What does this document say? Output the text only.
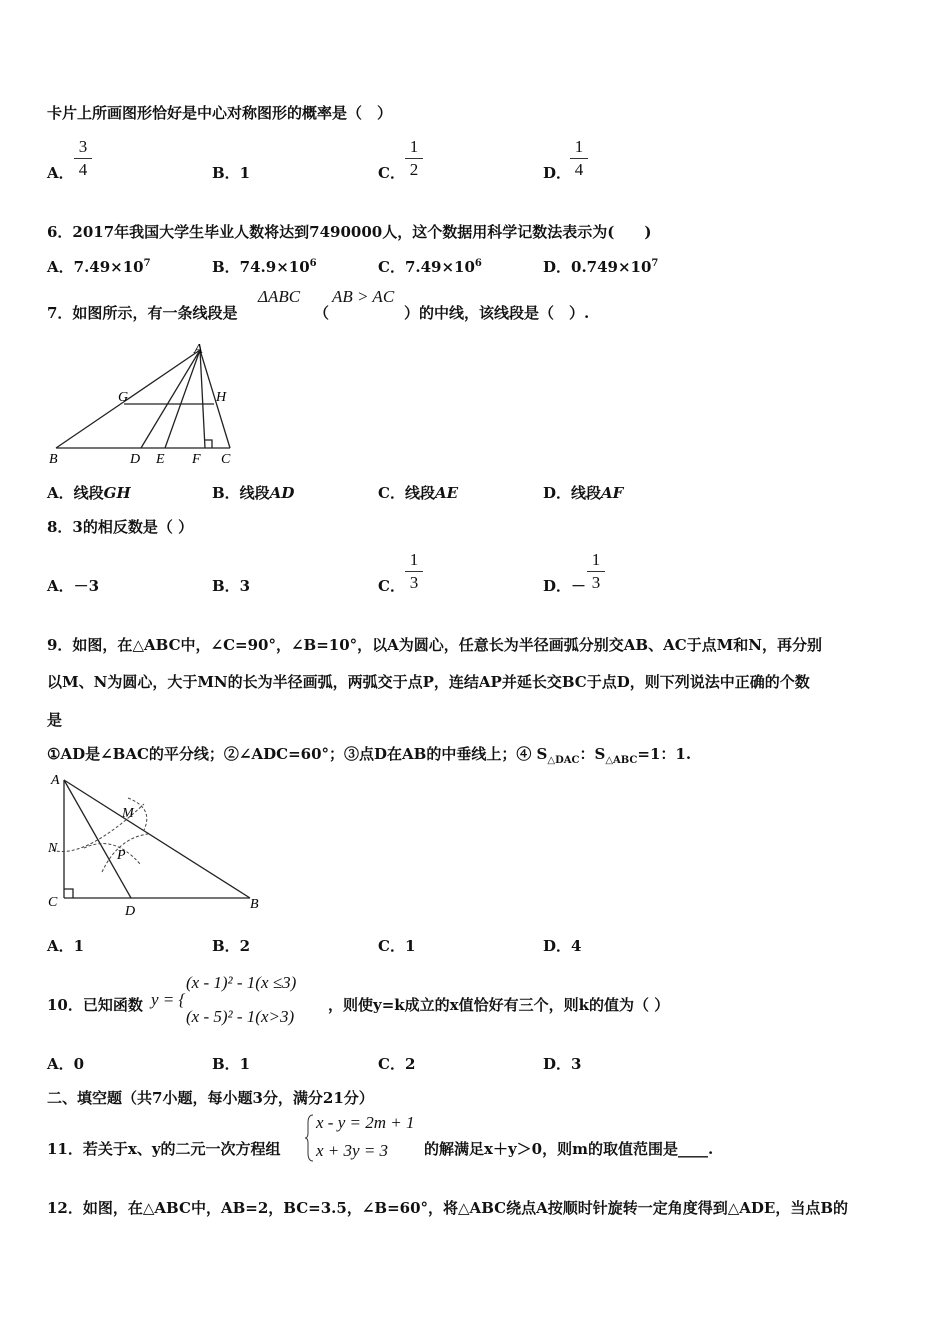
卡片上所画图形恰好是中心对称图形的概率是（　）
A．
3
4	B．1	C．
1
2	D．
1
4
6．2017年我国大学生毕业人数将达到7490000人，这个数据用科学记数法表示为(　　)
A．$7.49\times 10^7$	B．$74.9\times 10^6$	C．$7.49\times 10^6$	D．$0.749\times 10^7$
7．如图所示，有一条线段是
ΔABC
（
AB > AC
）的中线，该线段是（　）.
A
G	H
B	D E F C
A．线段GH	B．线段AD	C．线段AE	D．线段AF
8．3的相反数是（ ）
A．－3	B．3	C．
1
3	D．－
1
3
9．如图，在△ABC中，∠C=90°，∠B=10°，以A为圆心，任意长为半径画弧分别交AB、AC于点M和N，再分别
以M、N为圆心，大于MN的长为半径画弧，两弧交于点P，连结AP并延长交BC于点D，则下列说法中正确的个数
是
①AD是∠BAC的平分线；②∠ADC=60°；③点D在AB的中垂线上；④ $S_{\triangle DAC}$：$S_{\triangle ABC}=1$：1.
A
M
N	P
C
D	B
A．1	B．2	C．1	D．4
10．已知函数 y = {
(x - 1)² - 1(x ≤3)
(x - 5)² - 1(x>3)
，则使y=k成立的x值恰好有三个，则k的值为（ ）
A．0	B．1	C．2	D．3
二、填空题（共7小题，每小题3分，满分21分）
11．若关于x、y的二元一次方程组
x - y = 2m + 1
x + 3y = 3 的解满足x＋y＞0，则m的取值范围是____.
12．如图，在△ABC中，AB=2，BC=3.5，∠B=60°，将△ABC绕点A按顺时针旋转一定角度得到△ADE，当点B的
